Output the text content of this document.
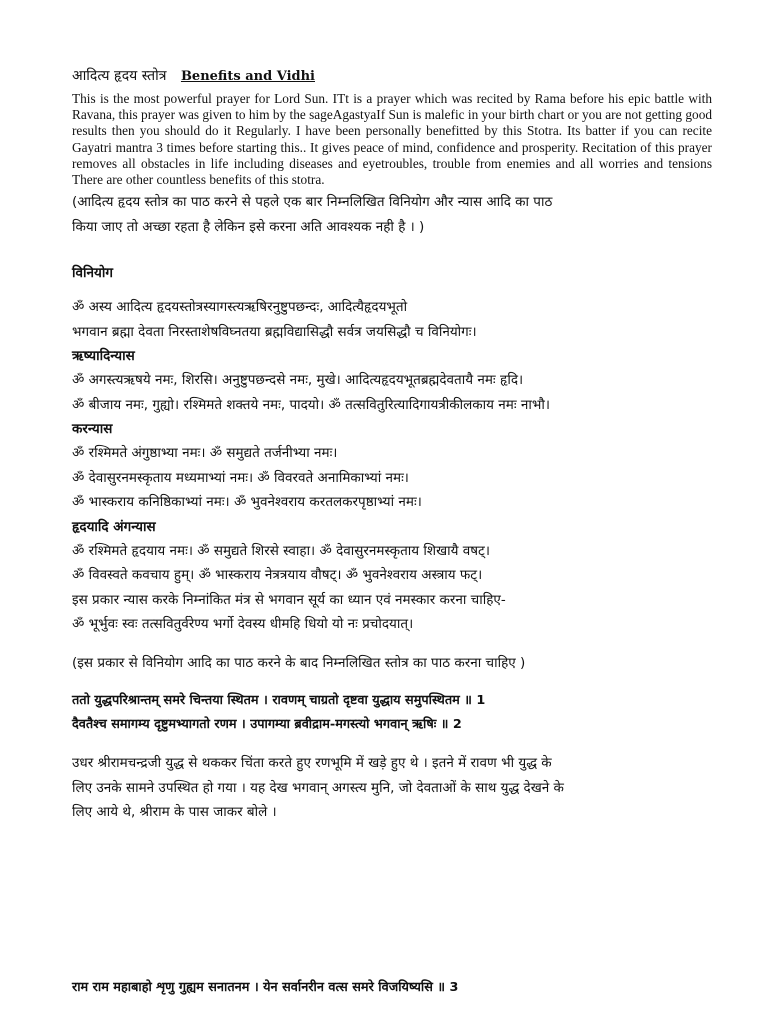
आदित्य हृदय स्तोत्र Benefits and Vidhi

This is the most powerful prayer for Lord Sun. ITt is a prayer which was recited by Rama before his epic battle with Ravana, this prayer was given to him by the sageAgastyaIf Sun is malefic in your birth chart or you are not getting good results then you should do it Regularly. I have been personally benefitted by this Stotra. Its batter if you can recite Gayatri mantra 3 times before starting this.. It gives peace of mind, confidence and prosperity. Recitation of this prayer removes all obstacles in life including diseases and eyetroubles, trouble from enemies and all worries and tensions There are other countless benefits of this stotra.

(आदित्य हृदय स्तोत्र का पाठ करने से पहले एक बार निम्नलिखित विनियोग और न्यास आदि का पाठ
किया जाए तो अच्छा रहता है लेकिन इसे करना अति आवश्यक नही है । )

विनियोग

ॐ अस्य आदित्य हृदयस्तोत्रस्यागस्त्यऋषिरनुष्टुपछन्दः, आदित्यैहृदयभूतो

भगवान ब्रह्मा देवता निरस्ताशेषविघ्नतया ब्रह्मविद्यासिद्धौ सर्वत्र जयसिद्धौ च विनियोगः।

ऋष्यादिन्यास

ॐ अगस्त्यऋषये नमः, शिरसि। अनुष्टुपछन्दसे नमः, मुखे। आदित्यहृदयभूतब्रह्मदेवतायै नमः हृदि।

ॐ बीजाय नमः, गुह्यो। रश्मिमते शक्तये नमः, पादयो। ॐ तत्सवितुरित्यादिगायत्रीकीलकाय नमः नाभौ।

करन्यास

ॐ रश्मिमते अंगुष्ठाभ्या नमः। ॐ समुद्यते तर्जनीभ्या नमः।

ॐ देवासुरनमस्कृताय मध्यमाभ्यां नमः। ॐ विवरवते अनामिकाभ्यां नमः।

ॐ भास्कराय कनिष्ठिकाभ्यां नमः। ॐ भुवनेश्वराय करतलकरपृष्ठाभ्यां नमः।

हृदयादि अंगन्यास

ॐ रश्मिमते हृदयाय नमः। ॐ समुद्यते शिरसे स्वाहा। ॐ देवासुरनमस्कृताय शिखायै वषट्।

ॐ विवस्वते कवचाय हुम्। ॐ भास्कराय नेत्रत्रयाय वौषट्। ॐ भुवनेश्वराय अस्त्राय फट्।

इस प्रकार न्यास करके निम्नांकित मंत्र से भगवान सूर्य का ध्यान एवं नमस्कार करना चाहिए-

ॐ भूर्भुवः स्वः तत्सवितुर्वरेण्य भर्गो देवस्य धीमहि धियो यो नः प्रचोदयात्।

(इस प्रकार से विनियोग आदि का पाठ करने के बाद निम्नलिखित स्तोत्र का पाठ करना चाहिए )

ततो युद्धपरिश्रान्तम् समरे चिन्तया स्थितम । रावणम् चाग्रतो दृष्टवा युद्धाय समुपस्थितम ॥ 1

दैवतैश्च समागम्य दृष्टुमभ्यागतो रणम । उपागम्या ब्रवीद्राम-मगस्त्यो भगवान् ऋषिः ॥ 2

उधर श्रीरामचन्द्रजी युद्ध से थककर चिंता करते हुए रणभूमि में खड़े हुए थे । इतने में रावण भी युद्ध के

लिए उनके सामने उपस्थित हो गया । यह देख भगवान् अगस्त्य मुनि, जो देवताओं के साथ युद्ध देखने के

लिए आये थे, श्रीराम के पास जाकर बोले ।

राम राम महाबाहो शृणु गुह्यम सनातनम । येन सर्वानरीन वत्स समरे विजयिष्यसि ॥ 3
